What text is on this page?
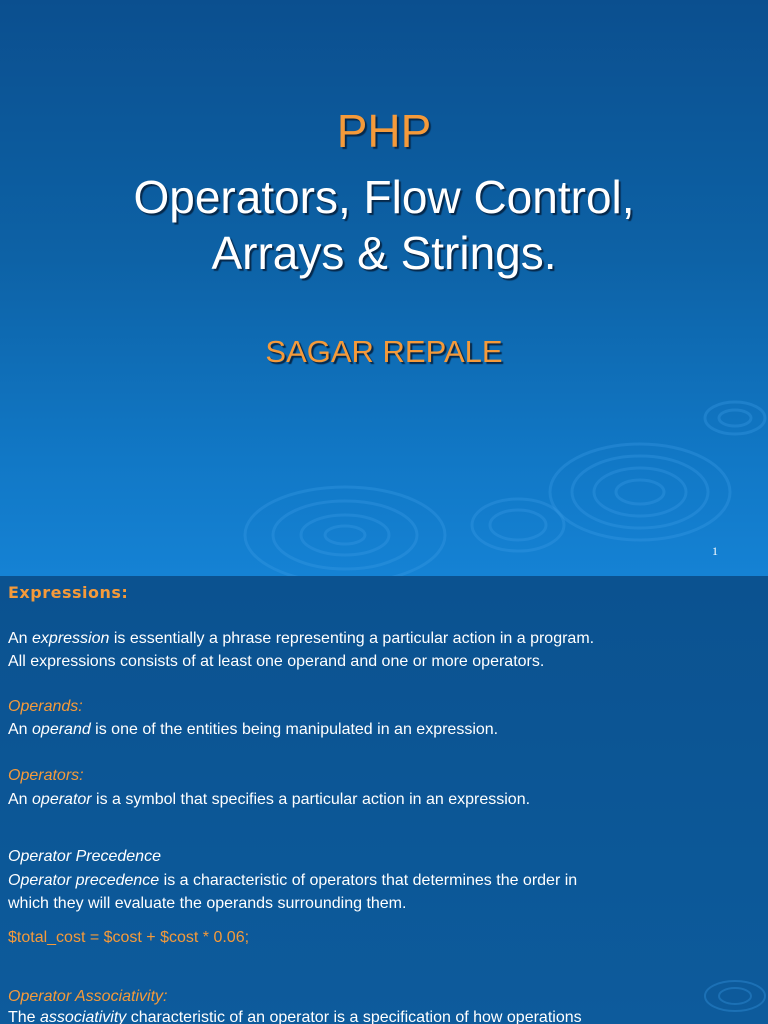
PHP
Operators, Flow Control,
Arrays & Strings.
SAGAR REPALE
1
Expressions:
An expression is essentially a phrase representing a particular action in a program.
All expressions consists of at least one operand and one or more operators.
Operands:
An operand is one of the entities being manipulated in an expression.
Operators:
An operator is a symbol that specifies a particular action in an expression.
Operator Precedence
Operator precedence is a characteristic of operators that determines the order in
which they will evaluate the operands surrounding them.
$total_cost = $cost + $cost * 0.06;
Operator Associativity:
The associativity characteristic of an operator is a specification of how operations
